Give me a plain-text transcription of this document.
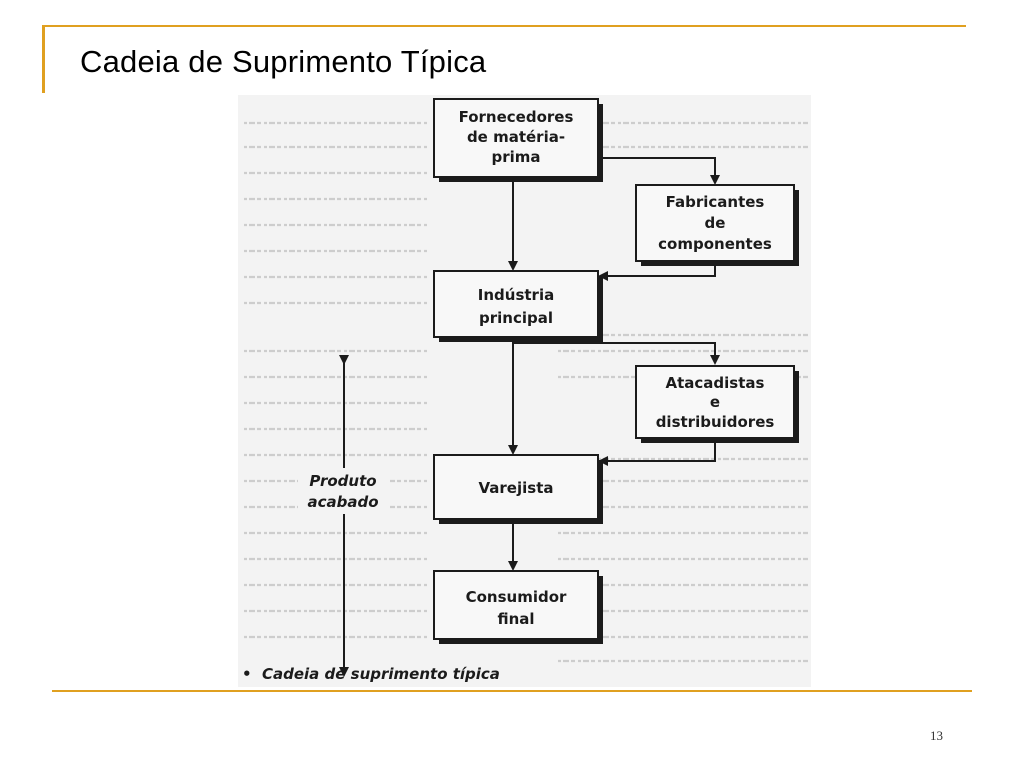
Cadeia de Suprimento Típica
Fornecedores
de matéria-
prima
Fabricantes
de
componentes
Indústria
principal
Atacadistas
e
distribuidores
Varejista
Consumidor
final
Produto
acabado
• Cadeia de suprimento típica
13
